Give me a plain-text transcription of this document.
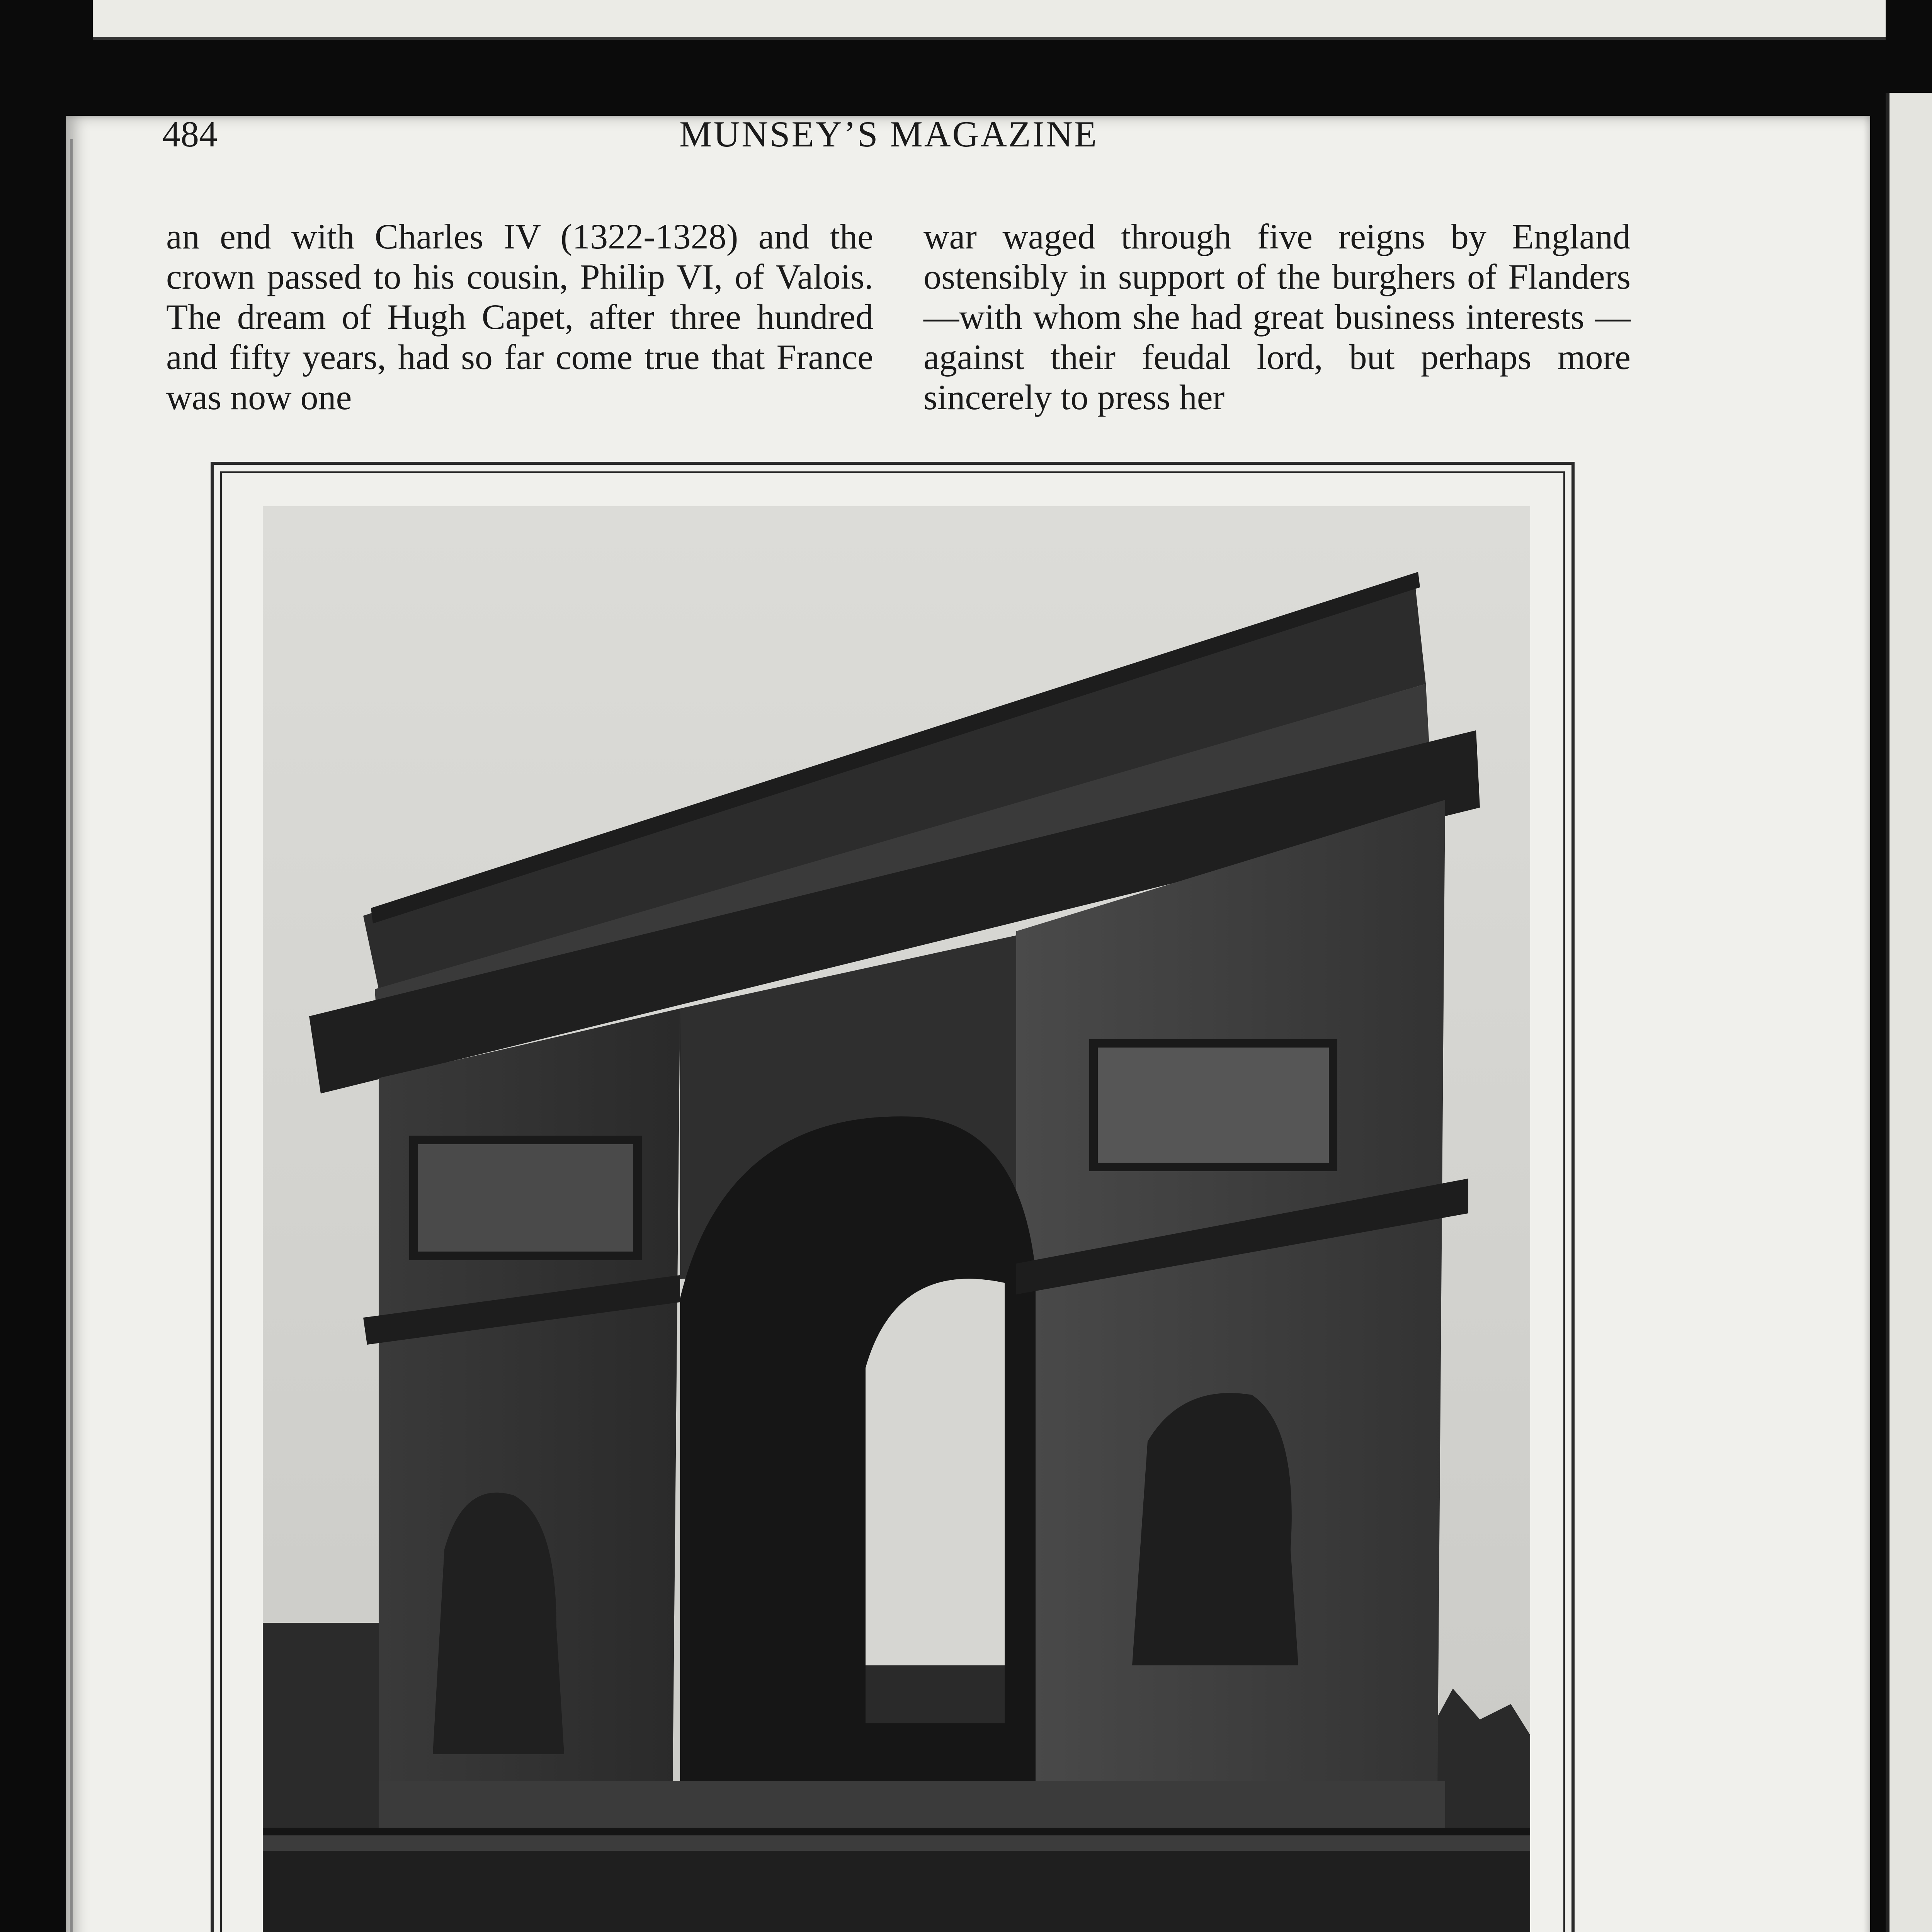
484	MUNSEY’S MAGAZINE

an end with Charles IV (1322-1328) and the crown passed to his cousin, Philip VI, of Valois. The dream of Hugh Capet, after three hundred and fifty years, had so far come true that France was now one

war waged through five reigns by England ostensibly in support of the burghers of Flanders—with whom she had great business interests — against their feudal lord, but perhaps more sincerely to press her
